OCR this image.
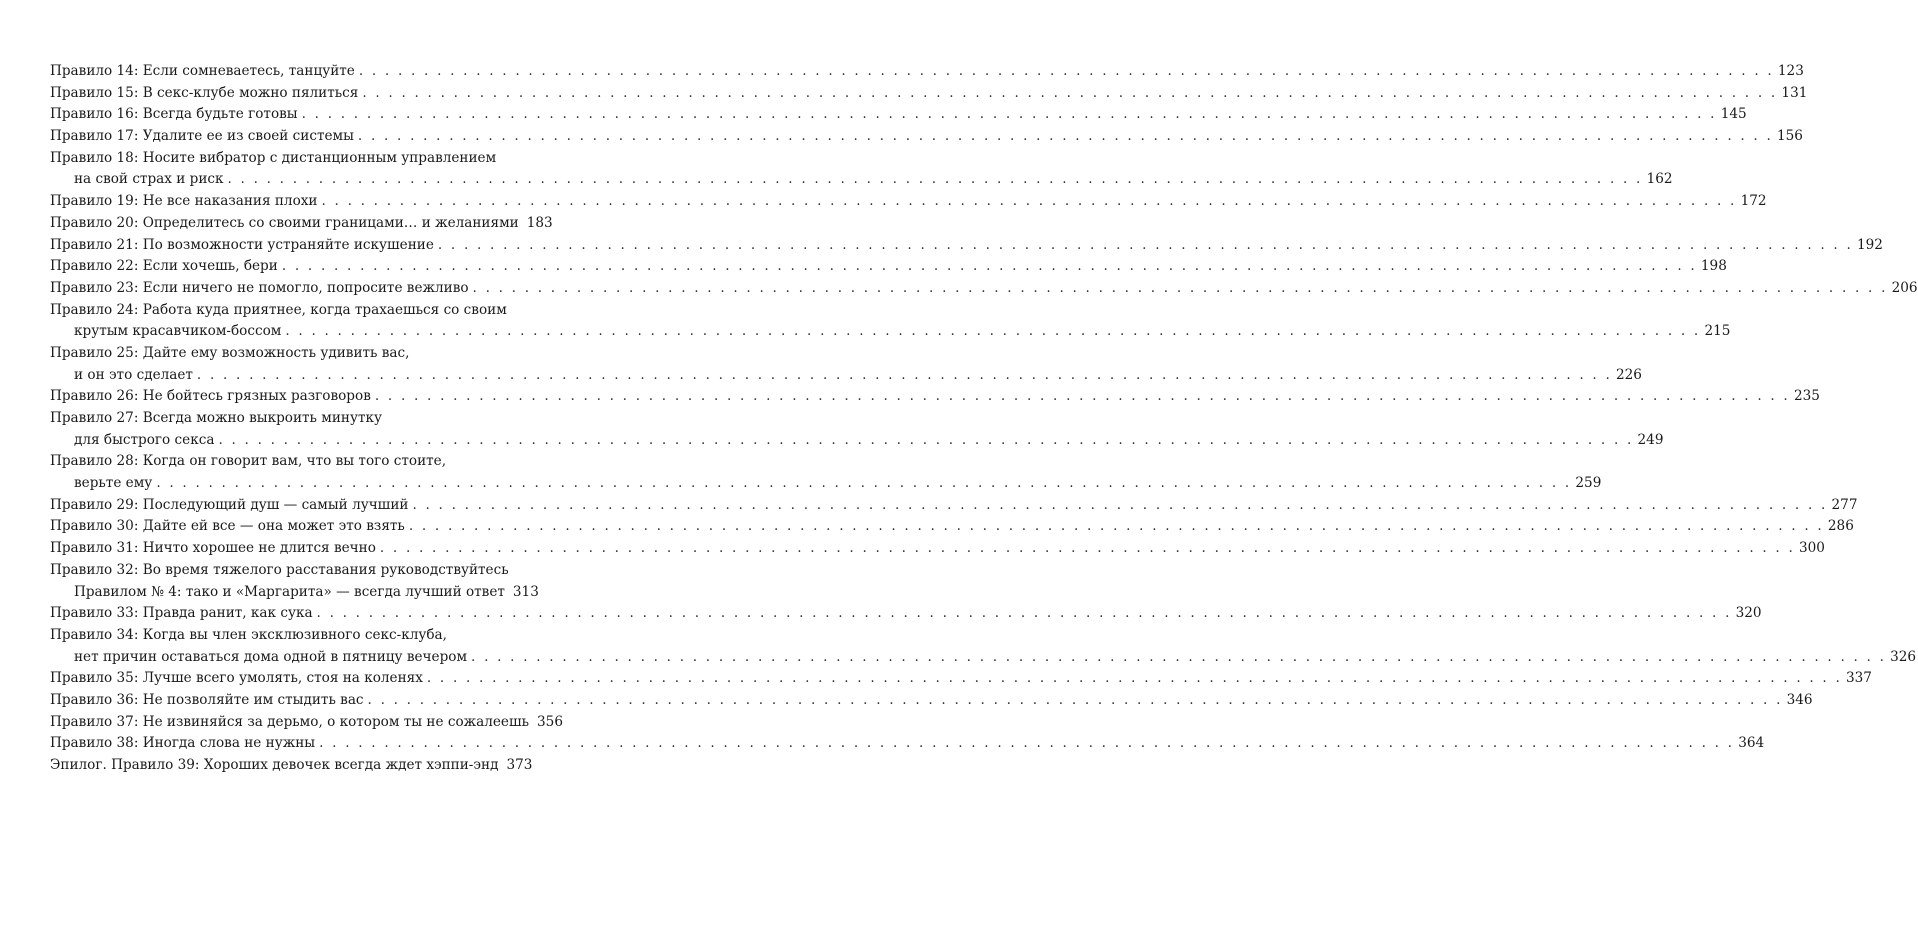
Правило 14: Если сомневаетесь, танцуйте . . .	123
Правило 15: В секс-клубе можно пялиться . . .	131
Правило 16: Всегда будьте готовы . . .	145
Правило 17: Удалите ее из своей системы . . .	156
Правило 18: Носите вибратор с дистанционным управлением
на свой страх и риск . . .	162
Правило 19: Не все наказания плохи . . .	172
Правило 20: Определитесь со своими границами… и желаниями 183
Правило 21: По возможности устраняйте искушение . . .	192
Правило 22: Если хочешь, бери . . .	198
Правило 23: Если ничего не помогло, попросите вежливо . . .	206
Правило 24: Работа куда приятнее, когда трахаешься со своим
крутым красавчиком-боссом . . .	215
Правило 25: Дайте ему возможность удивить вас,
и он это сделает . . .	226
Правило 26: Не бойтесь грязных разговоров . . .	235
Правило 27: Всегда можно выкроить минутку
для быстрого секса . . .	249
Правило 28: Когда он говорит вам, что вы того стоите,
верьте ему . . .	259
Правило 29: Последующий душ — самый лучший . . .	277
Правило 30: Дайте ей все — она может это взять . . .	286
Правило 31: Ничто хорошее не длится вечно . . .	300
Правило 32: Во время тяжелого расставания руководствуйтесь
Правилом № 4: тако и «Маргарита» — всегда лучший ответ 313
Правило 33: Правда ранит, как сука . . .	320
Правило 34: Когда вы член эксклюзивного секс-клуба,
нет причин оставаться дома одной в пятницу вечером . . .	326
Правило 35: Лучше всего умолять, стоя на коленях . . .	337
Правило 36: Не позволяйте им стыдить вас . . .	346
Правило 37: Не извиняйся за дерьмо, о котором ты не сожалеешь 356
Правило 38: Иногда слова не нужны . . .	364
Эпилог. Правило 39: Хороших девочек всегда ждет хэппи-энд 373
